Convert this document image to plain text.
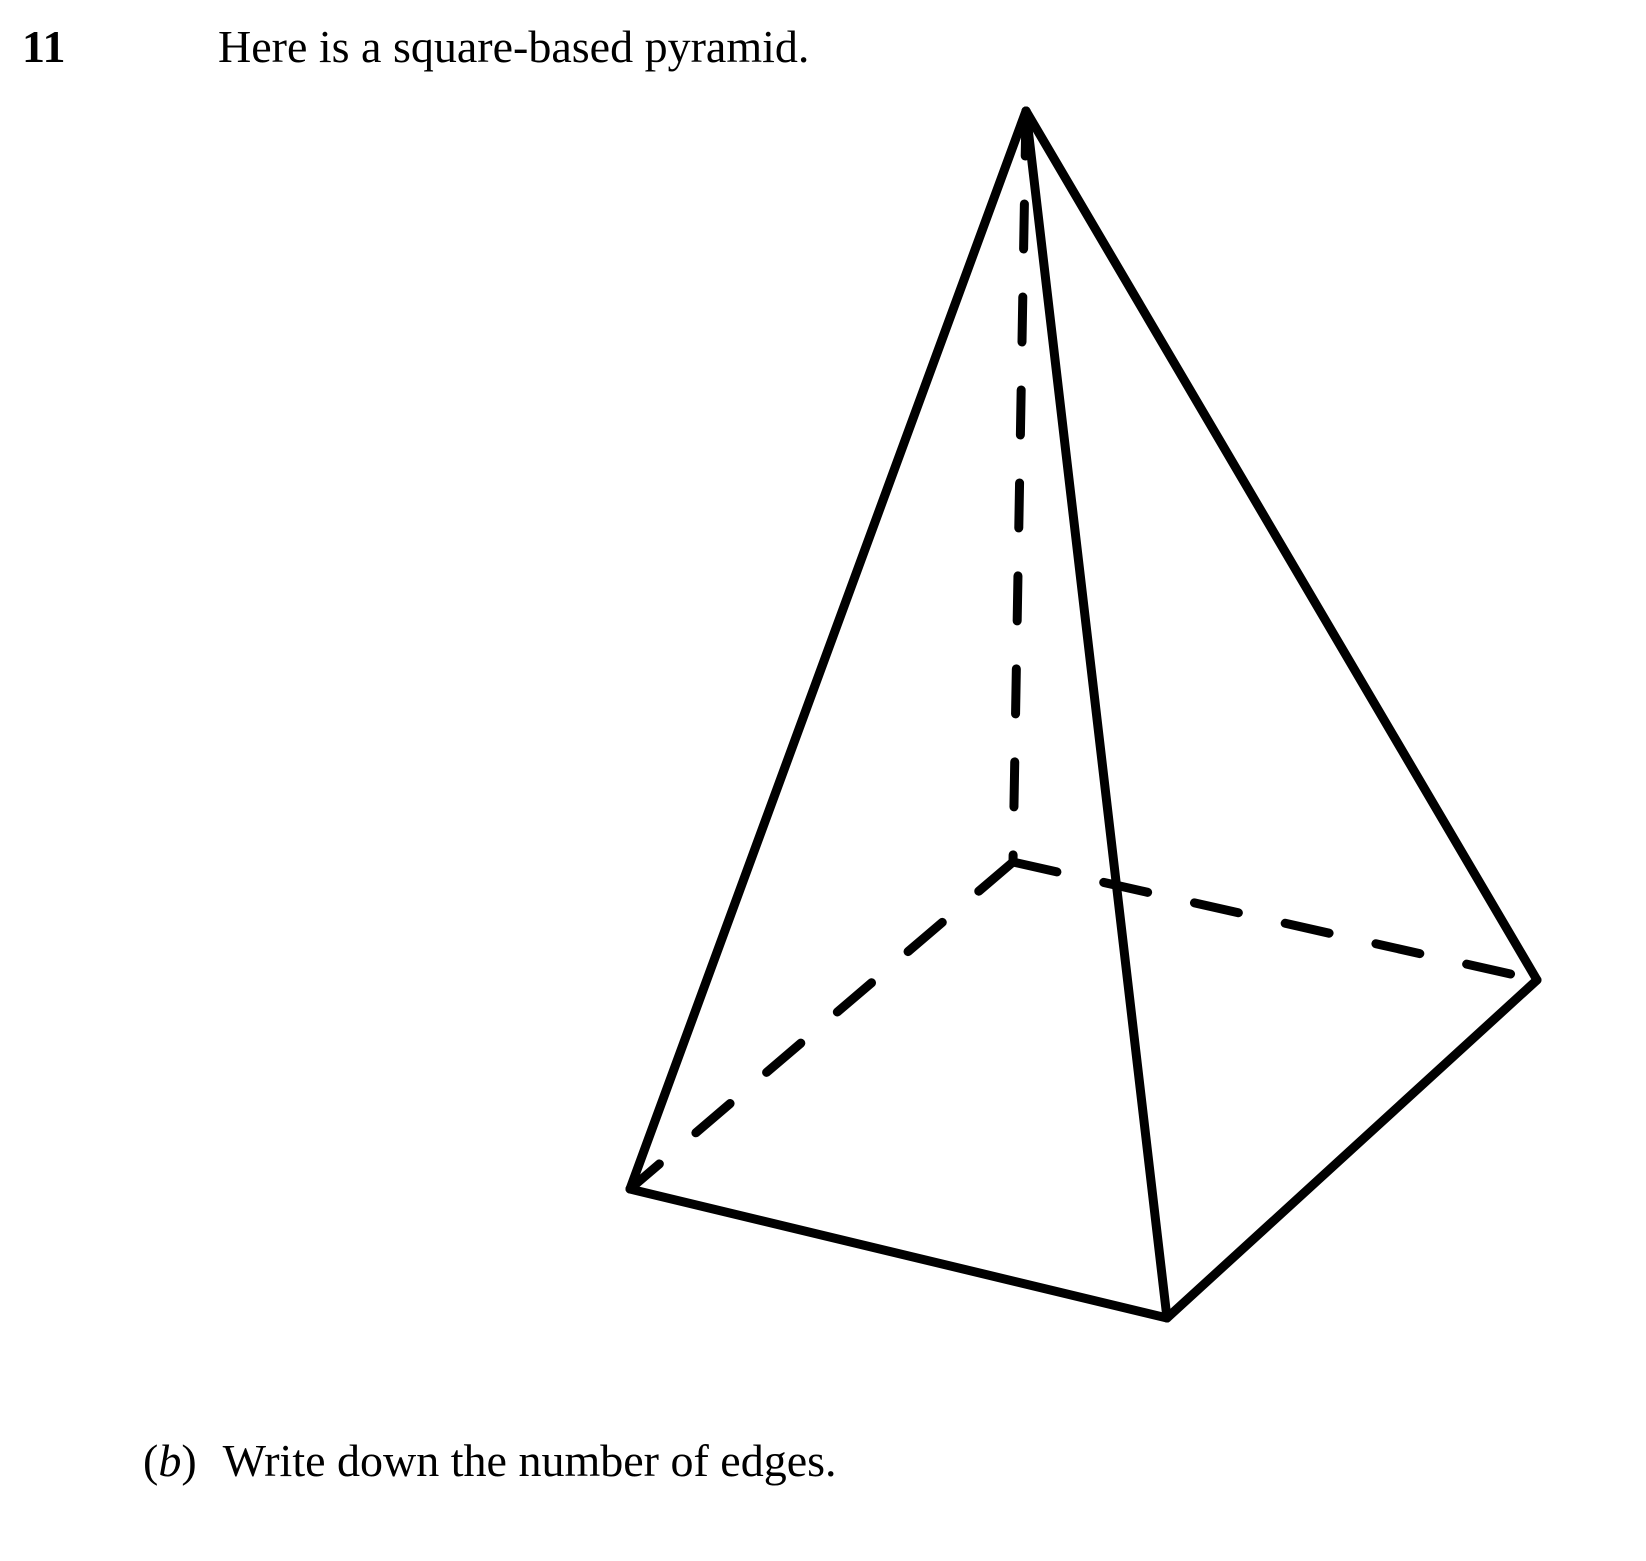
11	Here is a square-based pyramid.
(b) Write down the number of edges.
